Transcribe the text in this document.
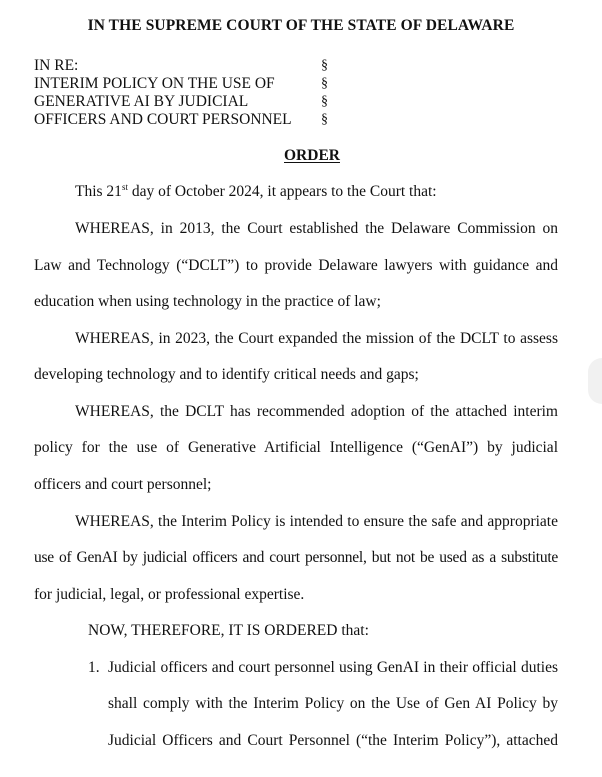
IN THE SUPREME COURT OF THE STATE OF DELAWARE
IN RE:	§
INTERIM POLICY ON THE USE OF	§
GENERATIVE AI BY JUDICIAL	§
OFFICERS AND COURT PERSONNEL §
ORDER
This 21st day of October 2024, it appears to the Court that:
WHEREAS, in 2013, the Court established the Delaware Commission on
Law and Technology (“DCLT”) to provide Delaware lawyers with guidance and
education when using technology in the practice of law;
WHEREAS, in 2023, the Court expanded the mission of the DCLT to assess
developing technology and to identify critical needs and gaps;
WHEREAS, the DCLT has recommended adoption of the attached interim
policy for the use of Generative Artificial Intelligence (“GenAI”) by judicial
officers and court personnel;
WHEREAS, the Interim Policy is intended to ensure the safe and appropriate
use of GenAI by judicial officers and court personnel, but not be used as a substitute
for judicial, legal, or professional expertise.
NOW, THEREFORE, IT IS ORDERED that:
1. Judicial officers and court personnel using GenAI in their official duties
shall comply with the Interim Policy on the Use of Gen AI Policy by
Judicial Officers and Court Personnel (“the Interim Policy”), attached
